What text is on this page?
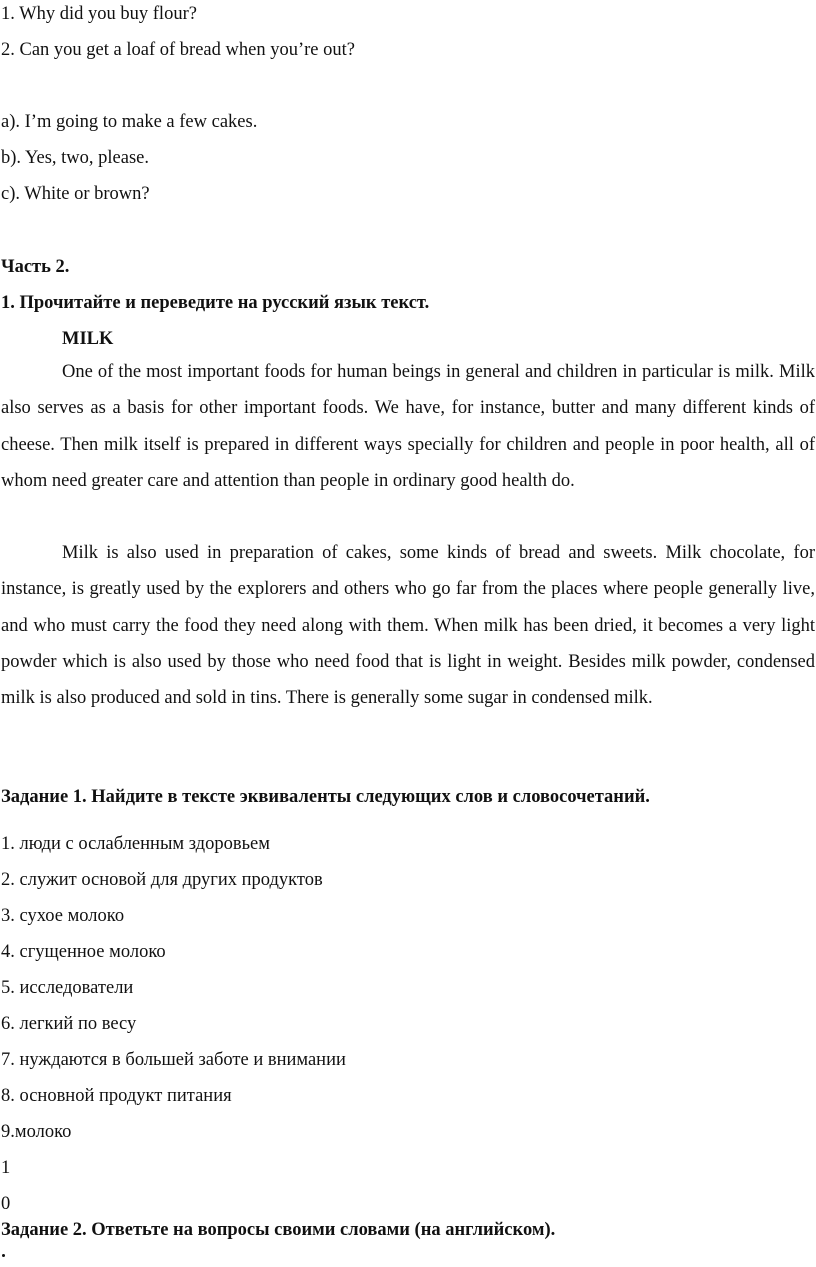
1. Why did you buy flour?
2. Can you get a loaf of bread when you’re out?
a). I’m going to make a few cakes.
b). Yes, two, please.
c). White or brown?
Часть 2.
1. Прочитайте и переведите на русский язык текст.
MILK

One of the most important foods for human beings in general and children in particular is milk. Milk also serves as a basis for other important foods. We have, for instance, butter and many different kinds of cheese. Then milk itself is prepared in different ways specially for children and people in poor health, all of whom need greater care and attention than people in ordinary good health do.

Milk is also used in preparation of cakes, some kinds of bread and sweets. Milk chocolate, for instance, is greatly used by the explorers and others who go far from the places where people generally live, and who must carry the food they need along with them. When milk has been dried, it becomes a very light powder which is also used by those who need food that is light in weight. Besides milk powder, condensed milk is also produced and sold in tins. There is generally some sugar in condensed milk.

Задание 1. Найдите в тексте эквиваленты следующих слов и словосочетаний.
1. люди с ослабленным здоровьем
2. служит основой для других продуктов
3. сухое молоко
4. сгущенное молоко
5. исследователи
6. легкий по весу
7. нуждаются в большей заботе и внимании
8. основной продукт питания
9.молоко
1
0
Задание 2. Ответьте на вопросы своими словами (на английском).
